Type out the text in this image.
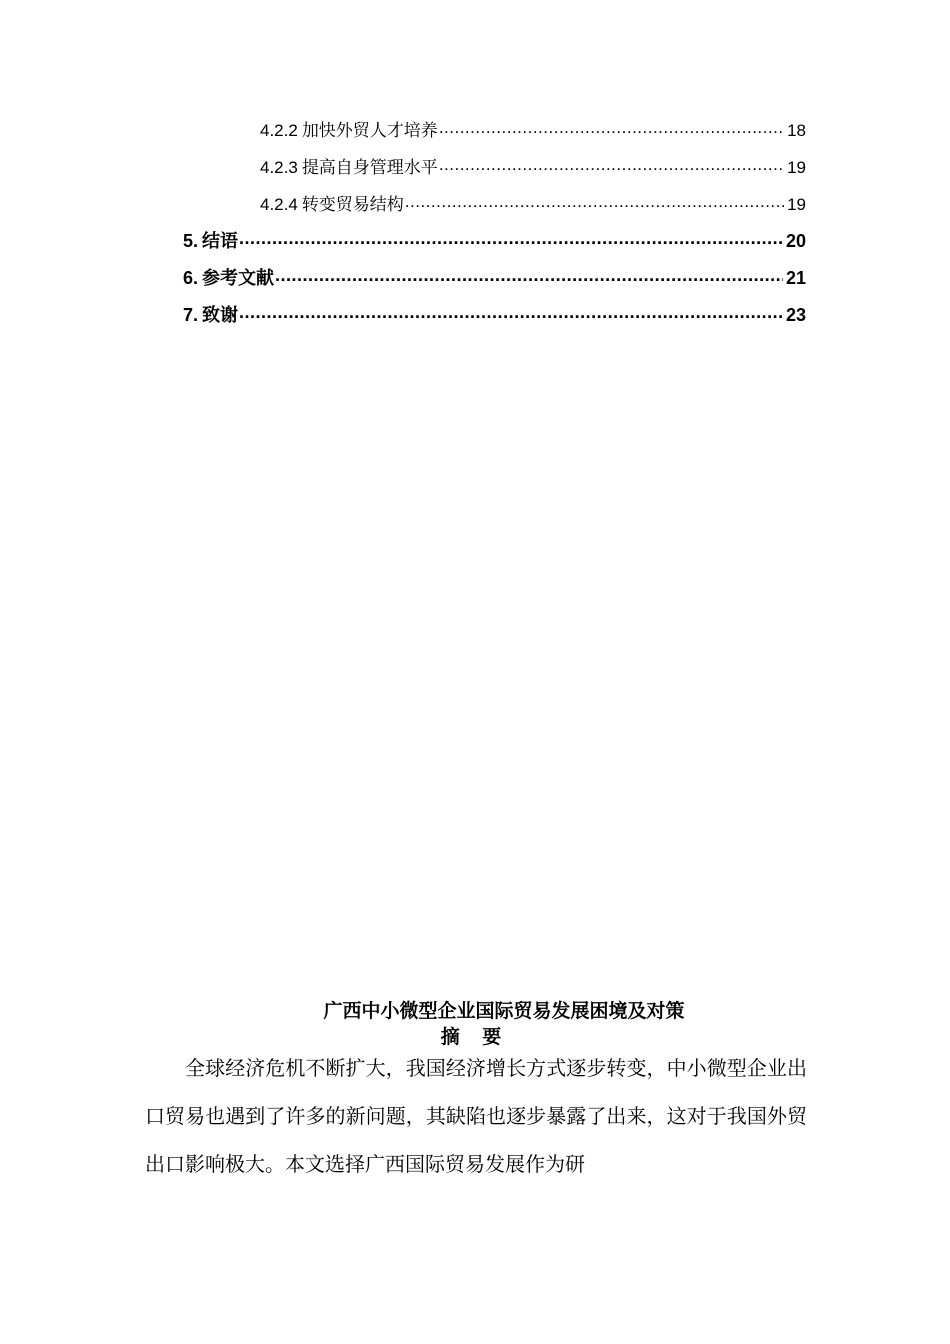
4.2.2 加快外贸人才培养 .....	18
4.2.3 提高自身管理水平 .....	19
4.2.4 转变贸易结构 .....	19
5. 结语 .....	20
6. 参考文献 .....	21
7. 致谢 .....	23
广西中小微型企业国际贸易发展困境及对策
摘 要

全球经济危机不断扩大，我国经济增长方式逐步转变，中小微型企业出口贸易也遇到了许多的新问题，其缺陷也逐步暴露了出来，这对于我国外贸出口影响极大。本文选择广西国际贸易发展作为研
